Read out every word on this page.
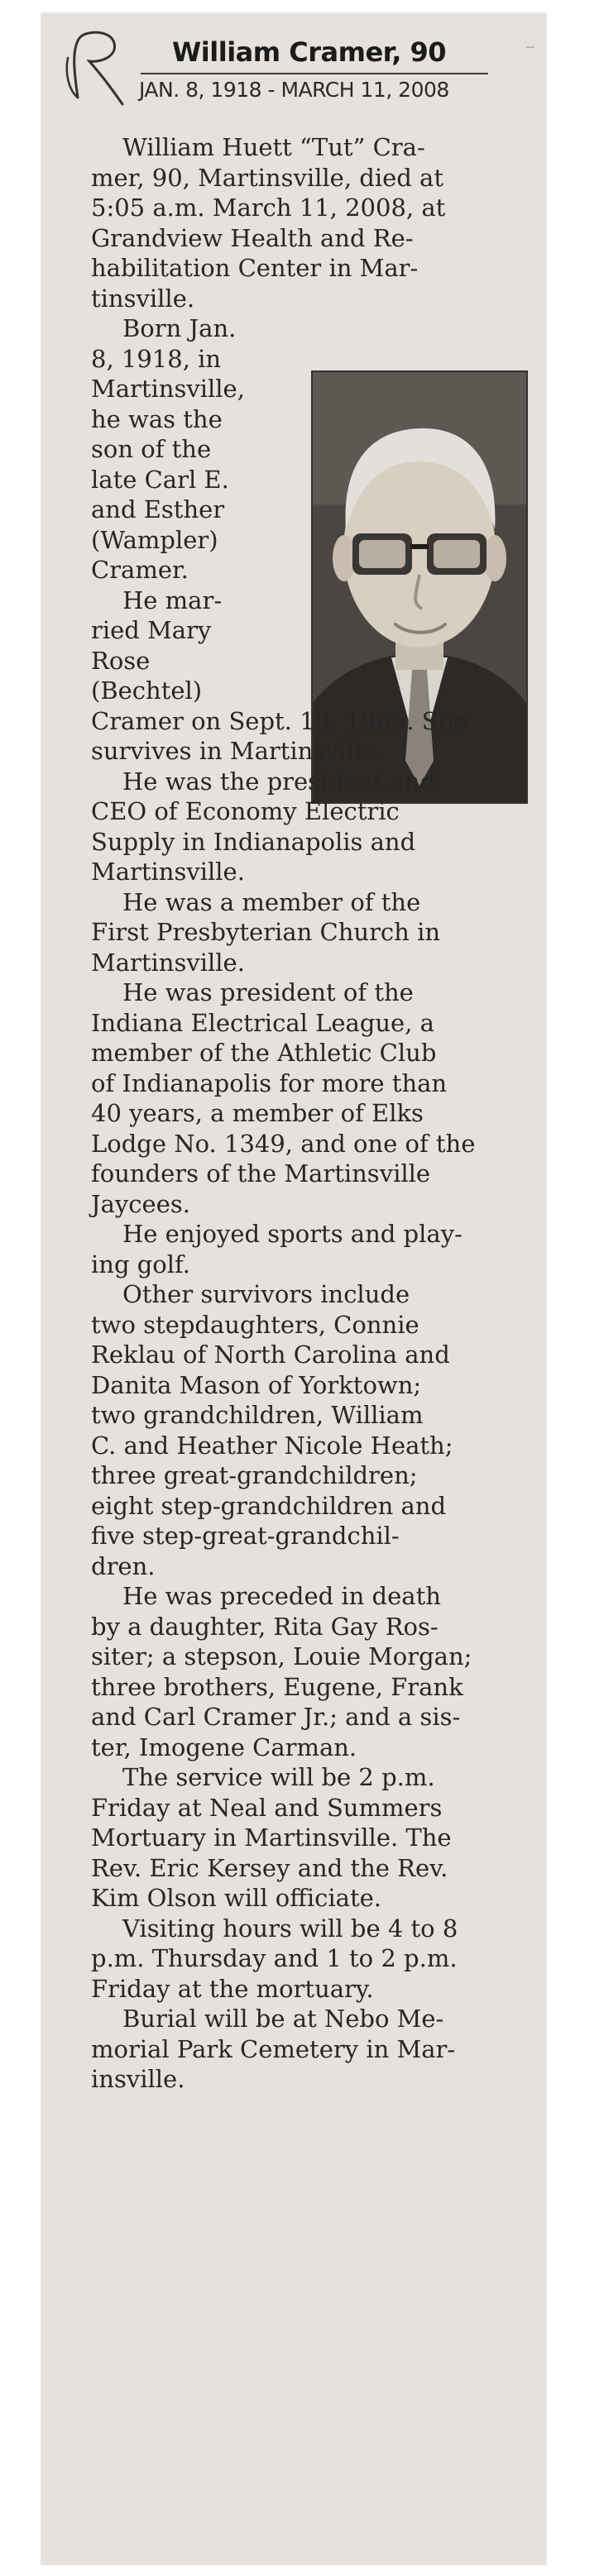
William Cramer, 90
JAN. 8, 1918 - MARCH 11, 2008
William Huett “Tut” Cra-
mer, 90, Martinsville, died at
5:05 a.m. March 11, 2008, at
Grandview Health and Re-
habilitation Center in Mar-
tinsville.
Born Jan.
8, 1918, in
Martinsville,
he was the
son of the
late Carl E.
and Esther
(Wampler)
Cramer.
He mar-
ried Mary
Rose
(Bechtel)
Cramer on Sept. 19, 1965. She
survives in Martinsville.
He was the president and
CEO of Economy Electric
Supply in Indianapolis and
Martinsville.
He was a member of the
First Presbyterian Church in
Martinsville.
He was president of the
Indiana Electrical League, a
member of the Athletic Club
of Indianapolis for more than
40 years, a member of Elks
Lodge No. 1349, and one of the
founders of the Martinsville
Jaycees.
He enjoyed sports and play-
ing golf.
Other survivors include
two stepdaughters, Connie
Reklau of North Carolina and
Danita Mason of Yorktown;
two grandchildren, William
C. and Heather Nicole Heath;
three great-grandchildren;
eight step-grandchildren and
five step-great-grandchil-
dren.
He was preceded in death
by a daughter, Rita Gay Ros-
siter; a stepson, Louie Morgan;
three brothers, Eugene, Frank
and Carl Cramer Jr.; and a sis-
ter, Imogene Carman.
The service will be 2 p.m.
Friday at Neal and Summers
Mortuary in Martinsville. The
Rev. Eric Kersey and the Rev.
Kim Olson will officiate.
Visiting hours will be 4 to 8
p.m. Thursday and 1 to 2 p.m.
Friday at the mortuary.
Burial will be at Nebo Me-
morial Park Cemetery in Mar-
insville.
